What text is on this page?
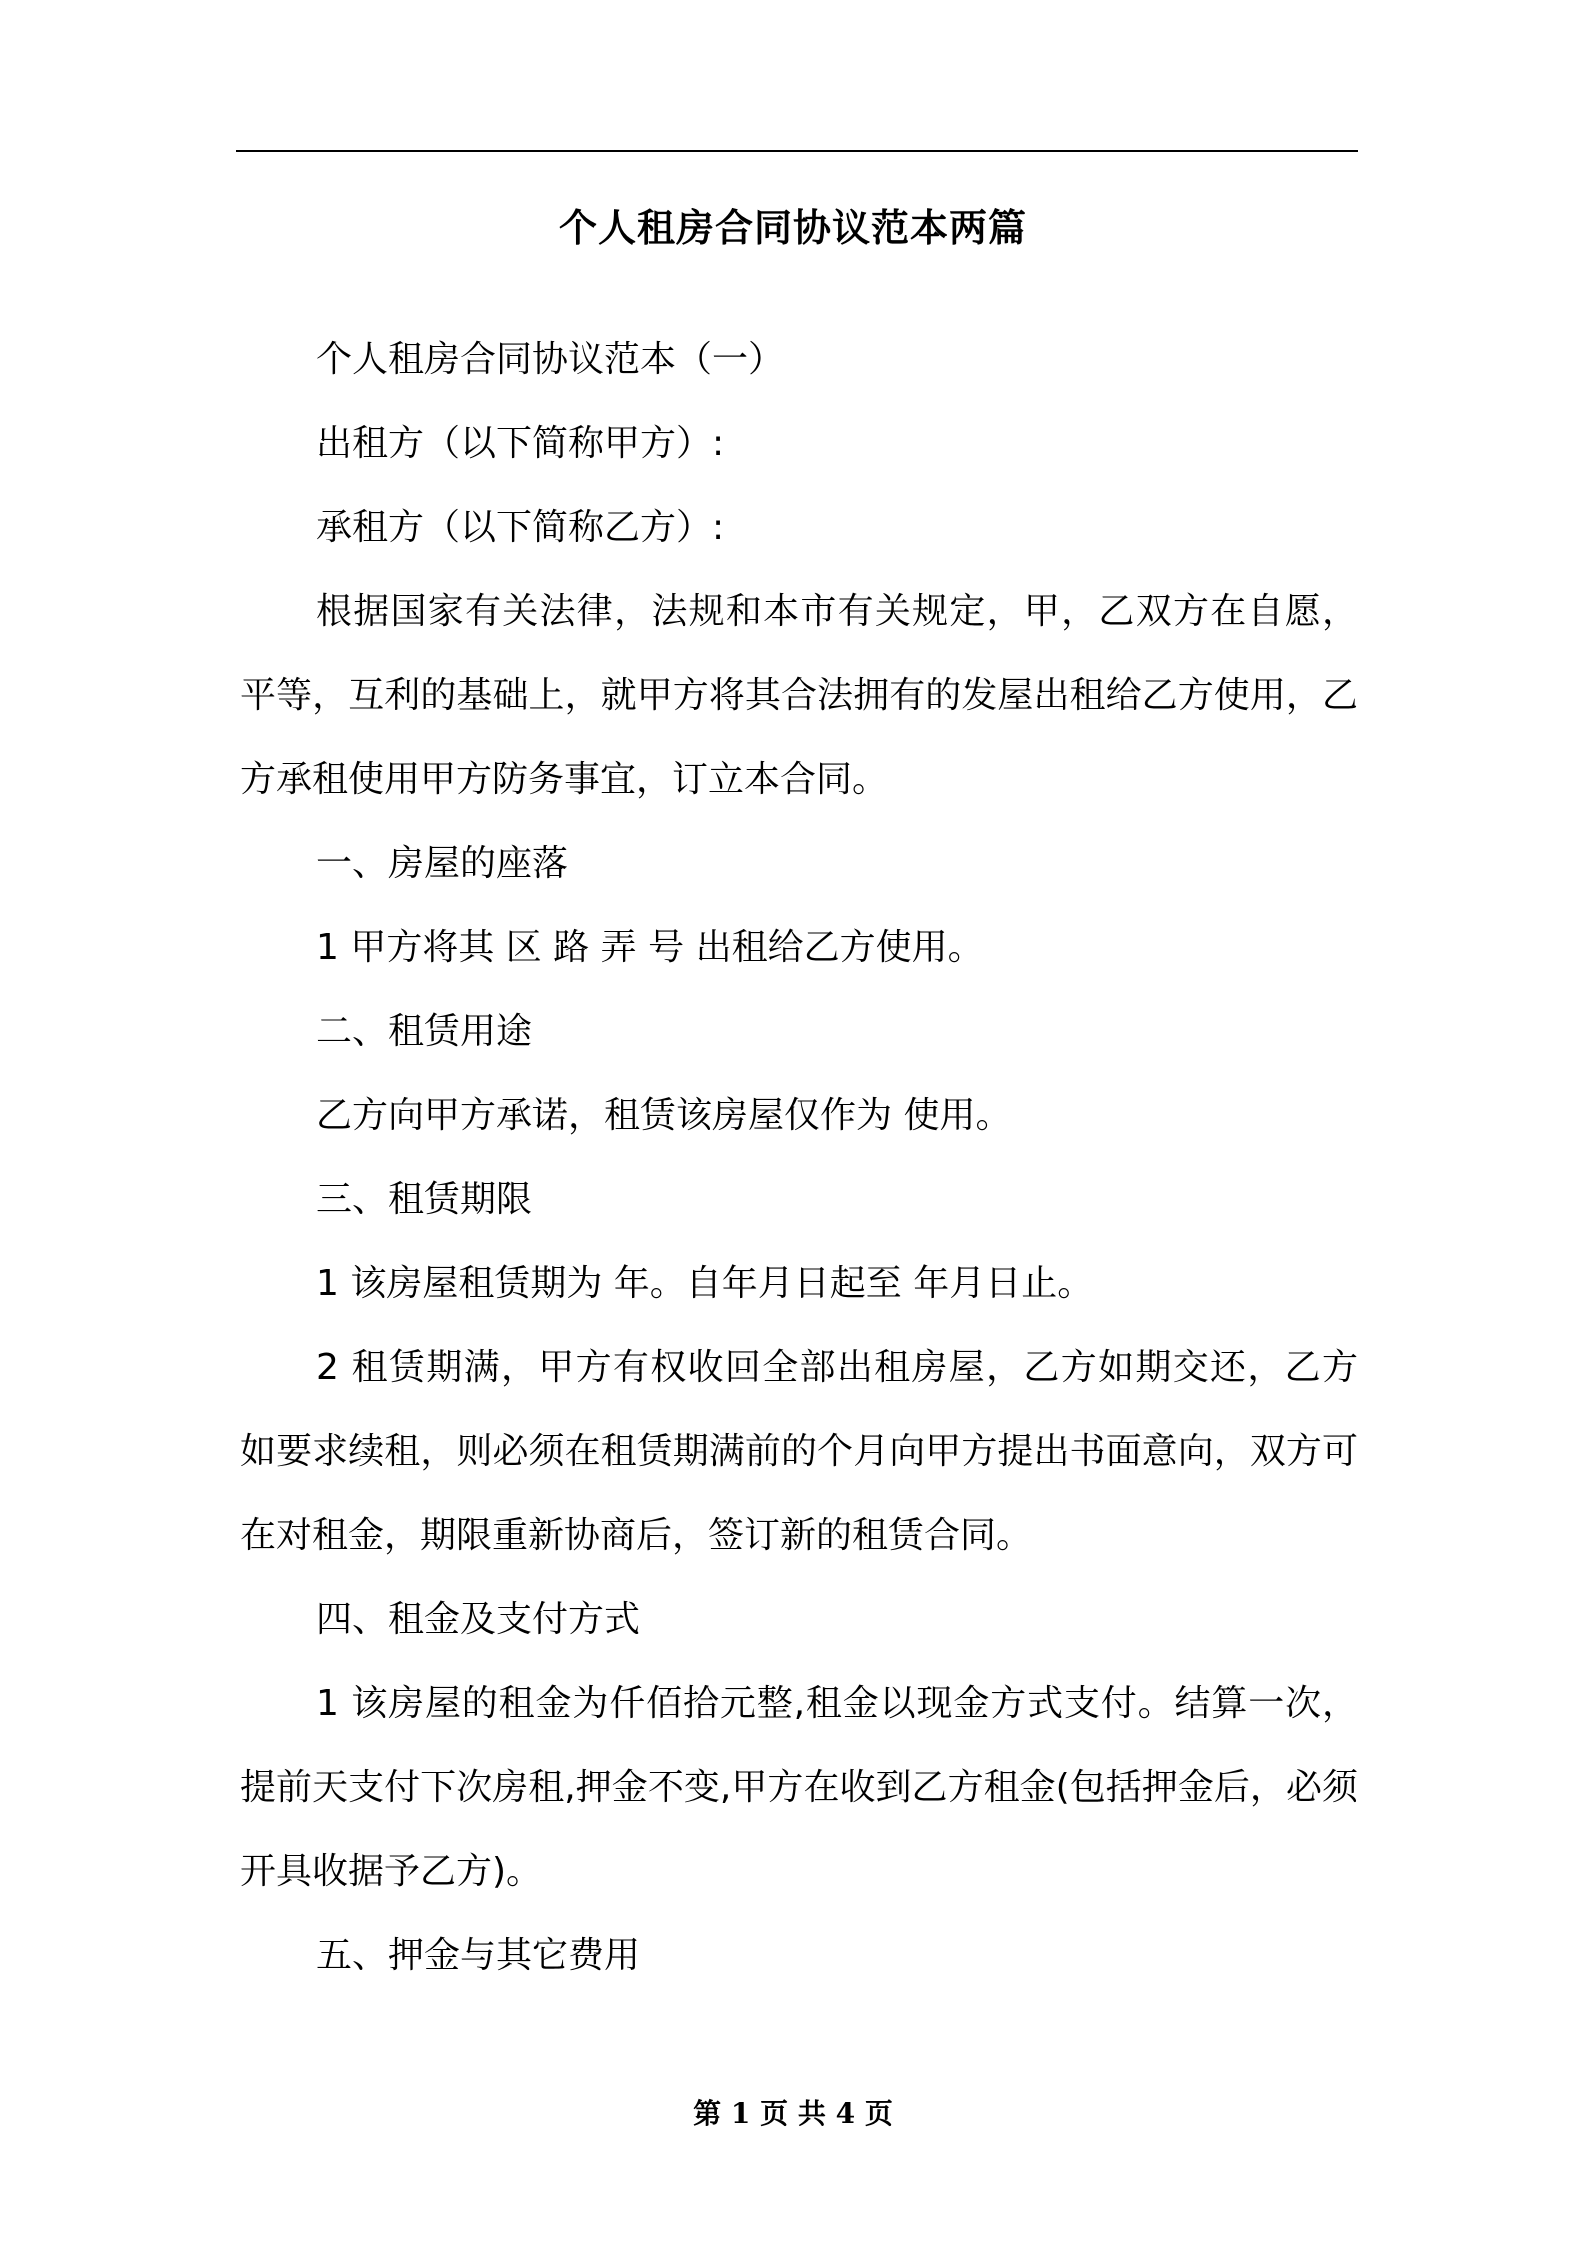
个人租房合同协议范本两篇

个人租房合同协议范本（一）

出租方（以下简称甲方）:

承租方（以下简称乙方）:

根据国家有关法律，法规和本市有关规定，甲，乙双方在自愿，平等，互利的基础上，就甲方将其合法拥有的发屋出租给乙方使用，乙方承租使用甲方防务事宜，订立本合同。

一、房屋的座落

1 甲方将其 区 路 弄 号 出租给乙方使用。

二、租赁用途

乙方向甲方承诺，租赁该房屋仅作为 使用。

三、租赁期限

1 该房屋租赁期为 年。自年月日起至 年月日止。

2 租赁期满，甲方有权收回全部出租房屋，乙方如期交还，乙方如要求续租，则必须在租赁期满前的个月向甲方提出书面意向，双方可在对租金，期限重新协商后，签订新的租赁合同。

四、租金及支付方式

1 该房屋的租金为仟佰拾元整,租金以现金方式支付。结算一次，提前天支付下次房租,押金不变,甲方在收到乙方租金(包括押金后，必须开具收据予乙方)。

五、押金与其它费用

第 1 页 共 4 页
